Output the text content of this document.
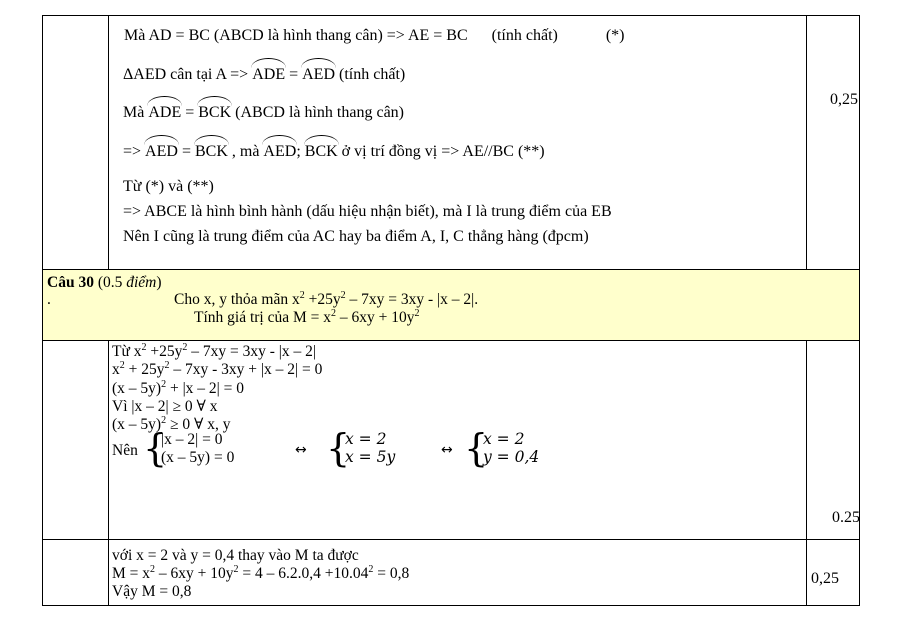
Mà AD = BC (ABCD là hình thang cân) => AE = BC (tính chất)	(*)
ΔAED cân tại A => ADE = AED (tính chất)
Mà ADE = BCK (ABCD là hình thang cân)
=> AED = BCK , mà AED; BCK ở vị trí đồng vị => AE//BC (**)
Từ (*) và (**)
=> ABCE là hình bình hành (dấu hiệu nhận biết), mà I là trung điểm của EB
Nên I cũng là trung điểm của AC hay ba điểm A, I, C thẳng hàng (đpcm)
0,25
Câu 30 (0.5 điểm)
.	Cho x, y thỏa mãn $x^2 +25y^2 - 7xy = 3xy - |x - 2|$.
Tính giá trị của $M = x^2 - 6xy + 10y^2$
Từ $x^2 +25y^2 - 7xy = 3xy - |x - 2|$
$x^2 + 25y^2 - 7xy - 3xy + |x - 2| = 0$
(x – 5y)$^2$ + |x – 2| = 0
Vì |x – 2| ≥ 0 ∀ x
(x – 5y)$^2$ ≥ 0 ∀ x, y
Nên {
|x – 2| = 0
(x – 5y) = 0	↔ {
x = 2
x = 5y	↔ {
x = 2
y = 0,4
0.25
với x = 2 và y = 0,4 thay vào M ta được
$M = x^2 - 6xy + 10y^2 = 4 - 6.2.0,4 +10.04^2 = 0,8$
Vậy M = 0,8
0,25
